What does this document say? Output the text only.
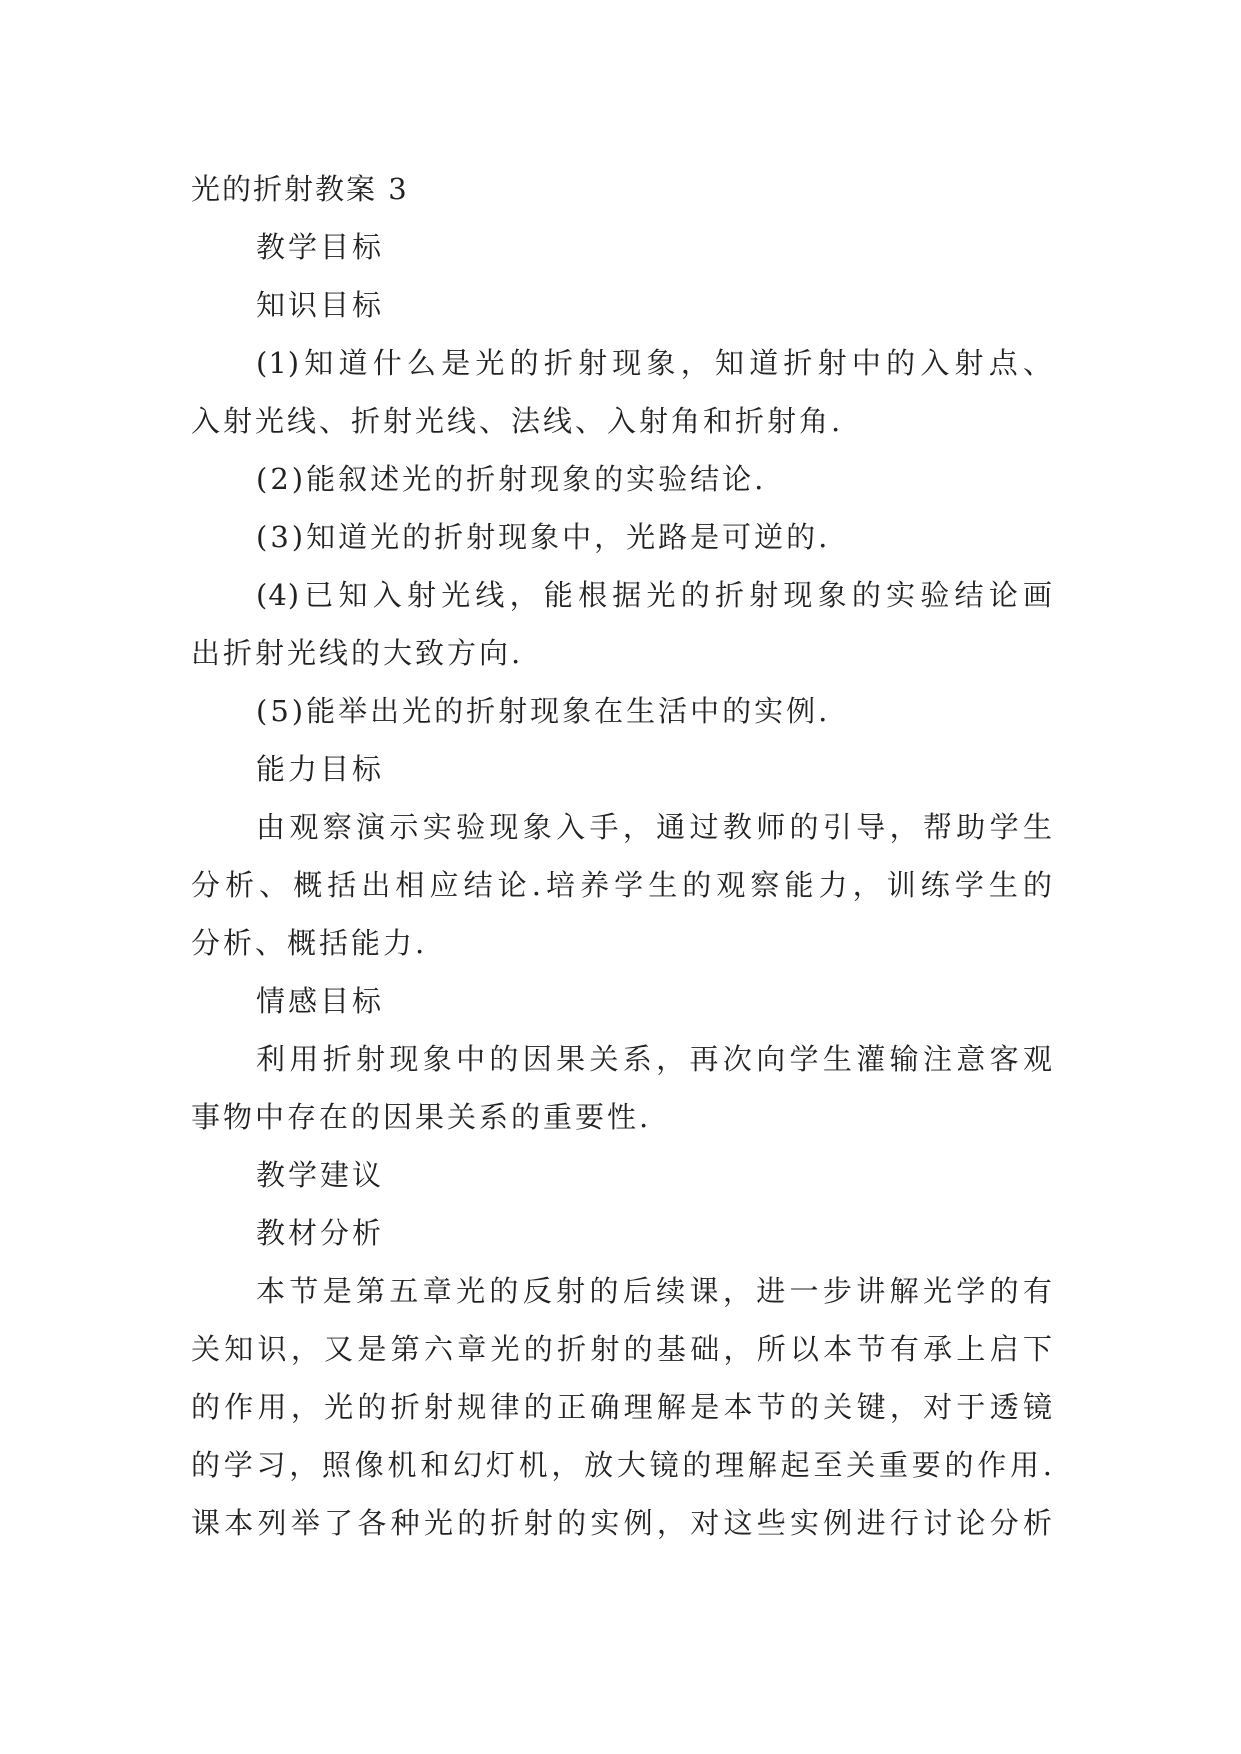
光的折射教案 3
教学目标
知识目标
(1)知道什么是光的折射现象，知道折射中的入射点、
入射光线、折射光线、法线、入射角和折射角.
(2)能叙述光的折射现象的实验结论.
(3)知道光的折射现象中，光路是可逆的.
(4)已知入射光线，能根据光的折射现象的实验结论画
出折射光线的大致方向.
(5)能举出光的折射现象在生活中的实例.
能力目标
由观察演示实验现象入手，通过教师的引导，帮助学生
分析、概括出相应结论.培养学生的观察能力，训练学生的
分析、概括能力.
情感目标
利用折射现象中的因果关系，再次向学生灌输注意客观
事物中存在的因果关系的重要性.
教学建议
教材分析
本节是第五章光的反射的后续课，进一步讲解光学的有
关知识，又是第六章光的折射的基础，所以本节有承上启下
的作用，光的折射规律的正确理解是本节的关键，对于透镜
的学习，照像机和幻灯机，放大镜的理解起至关重要的作用.
课本列举了各种光的折射的实例，对这些实例进行讨论分析
